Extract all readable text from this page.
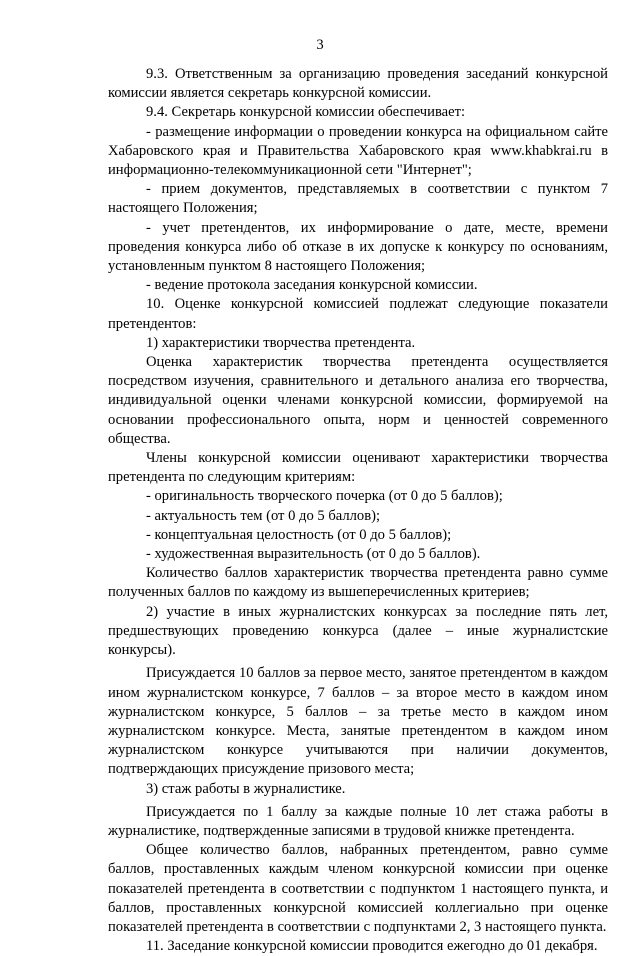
3

9.3. Ответственным за организацию проведения заседаний конкурсной комиссии является секретарь конкурсной комиссии.

9.4. Секретарь конкурсной комиссии обеспечивает:

- размещение информации о проведении конкурса на официальном сайте Хабаровского края и Правительства Хабаровского края www.khabkrai.ru в информационно-телекоммуникационной сети "Интернет";

- прием документов, представляемых в соответствии с пунктом 7 настоящего Положения;

- учет претендентов, их информирование о дате, месте, времени проведения конкурса либо об отказе в их допуске к конкурсу по основаниям, установленным пунктом 8 настоящего Положения;

- ведение протокола заседания конкурсной комиссии.

10. Оценке конкурсной комиссией подлежат следующие показатели претендентов:

1) характеристики творчества претендента.

Оценка характеристик творчества претендента осуществляется посредством изучения, сравнительного и детального анализа его творчества, индивидуальной оценки членами конкурсной комиссии, формируемой на основании профессионального опыта, норм и ценностей современного общества.

Члены конкурсной комиссии оценивают характеристики творчества претендента по следующим критериям:

- оригинальность творческого почерка (от 0 до 5 баллов);

- актуальность тем (от 0 до 5 баллов);

- концептуальная целостность (от 0 до 5 баллов);

- художественная выразительность (от 0 до 5 баллов).

Количество баллов характеристик творчества претендента равно сумме полученных баллов по каждому из вышеперечисленных критериев;

2) участие в иных журналистских конкурсах за последние пять лет, предшествующих проведению конкурса (далее – иные журналистские конкурсы).

Присуждается 10 баллов за первое место, занятое претендентом в каждом ином журналистском конкурсе, 7 баллов – за второе место в каждом ином журналистском конкурсе, 5 баллов – за третье место в каждом ином журналистском конкурсе. Места, занятые претендентом в каждом ином журналистском конкурсе учитываются при наличии документов, подтверждающих присуждение призового места;

3) стаж работы в журналистике.

Присуждается по 1 баллу за каждые полные 10 лет стажа работы в журналистике, подтвержденные записями в трудовой книжке претендента.

Общее количество баллов, набранных претендентом, равно сумме баллов, проставленных каждым членом конкурсной комиссии при оценке показателей претендента в соответствии с подпунктом 1 настоящего пункта, и баллов, проставленных конкурсной комиссией коллегиально при оценке показателей претендента в соответствии с подпунктами 2, 3 настоящего пункта.

11. Заседание конкурсной комиссии проводится ежегодно до 01 декабря.
